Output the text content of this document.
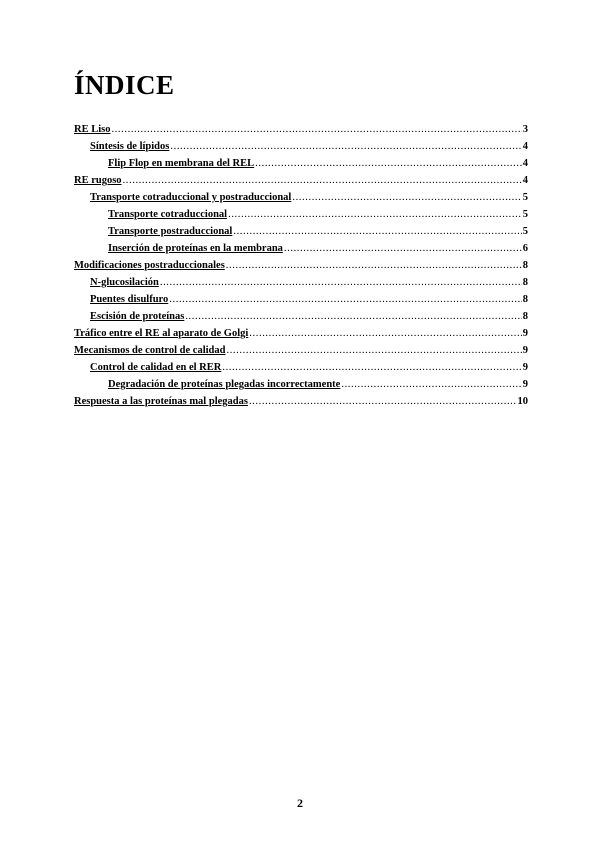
ÍNDICE
RE Liso .....	3
Síntesis de lípidos .....	4
Flip Flop en membrana del REL .....	4
RE rugoso .....	4
Transporte cotraduccional y postraduccional .....	5
Transporte cotraduccional .....	5
Transporte postraduccional .....	5
Inserción de proteínas en la membrana .....	6
Modificaciones postraduccionales .....	8
N-glucosilación .....	8
Puentes disulfuro .....	8
Escisión de proteínas .....	8
Tráfico entre el RE al aparato de Golgi .....	9
Mecanismos de control de calidad .....	9
Control de calidad en el RER .....	9
Degradación de proteínas plegadas incorrectamente .....	9
Respuesta a las proteínas mal plegadas .....	10
2
